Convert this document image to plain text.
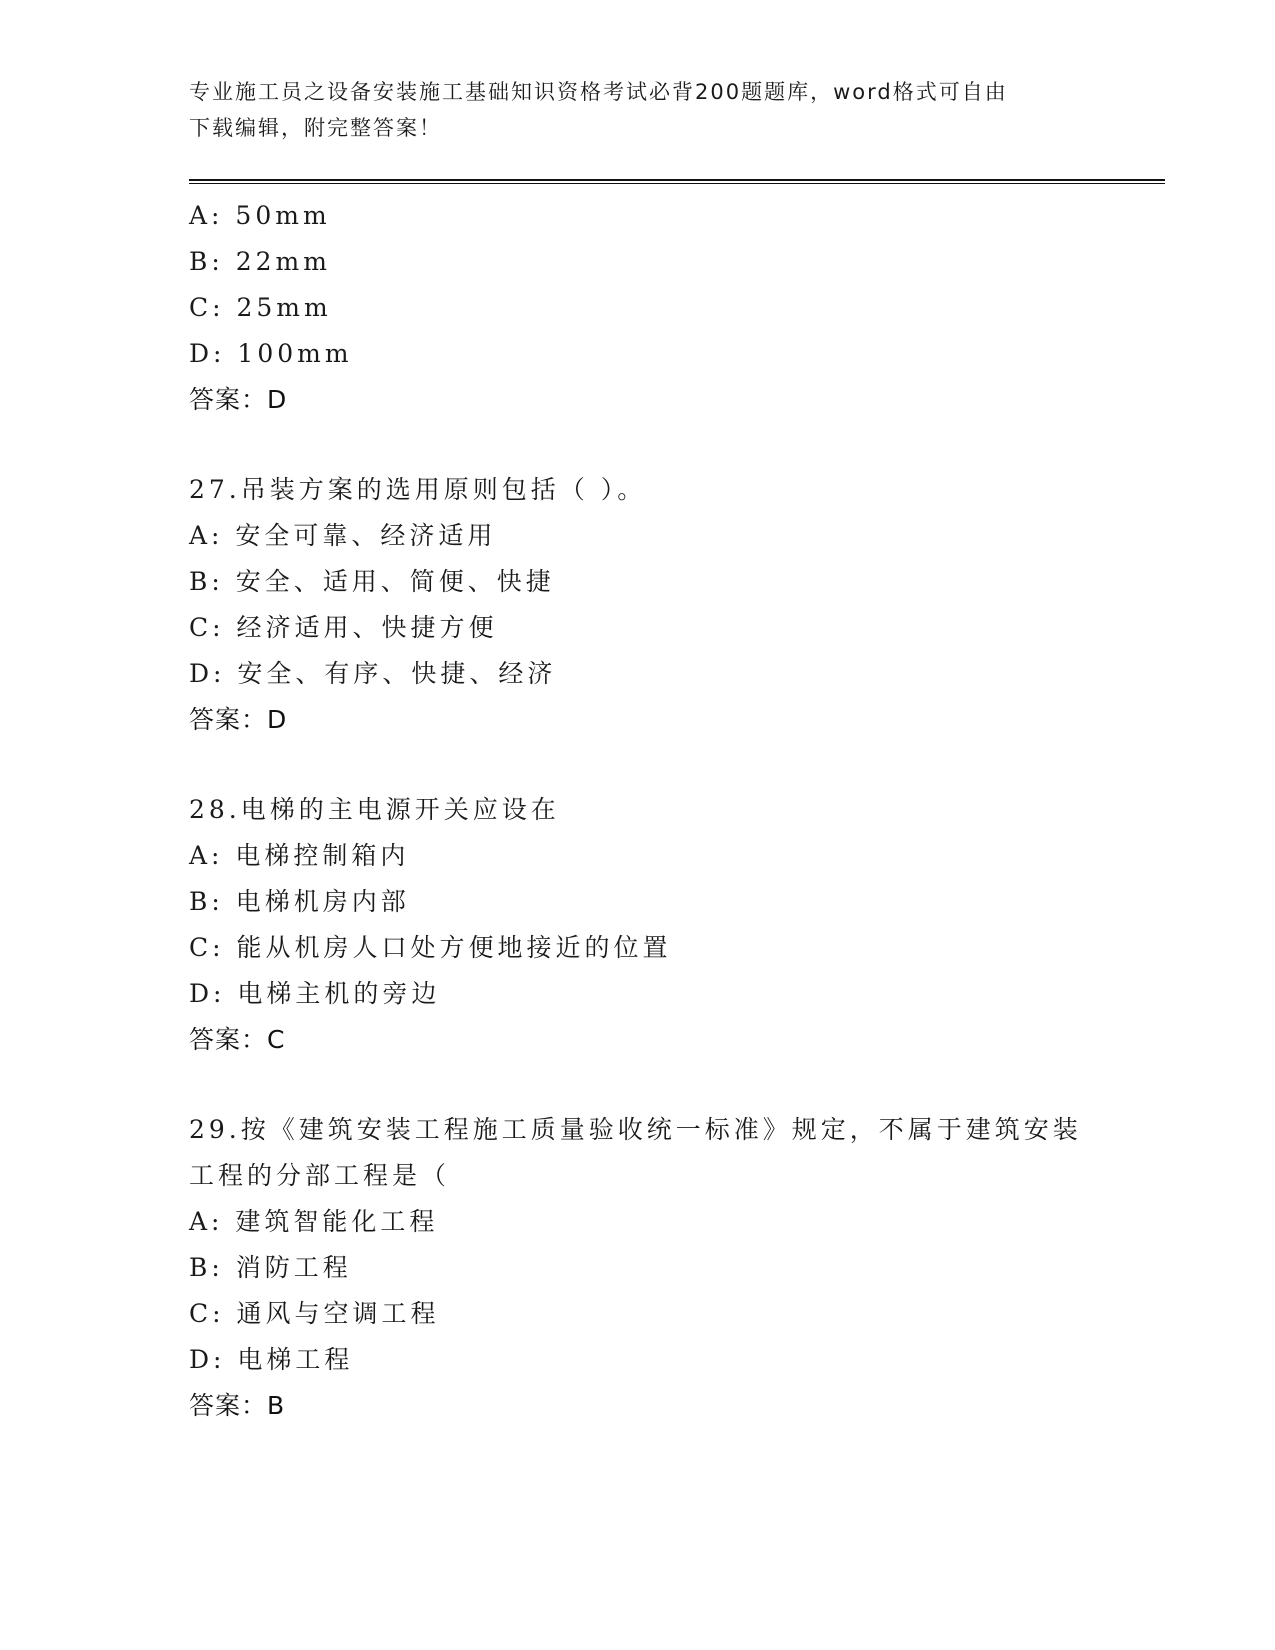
专业施工员之设备安装施工基础知识资格考试必背200题题库，word格式可自由
下载编辑，附完整答案！
A: 50mm
B: 22mm
C: 25mm
D: 100mm
答案：D
27.吊装方案的选用原则包括（ ）。
A: 安全可靠、经济适用
B: 安全、适用、简便、快捷
C: 经济适用、快捷方便
D: 安全、有序、快捷、经济
答案：D
28.电梯的主电源开关应设在
A: 电梯控制箱内
B: 电梯机房内部
C: 能从机房人口处方便地接近的位置
D: 电梯主机的旁边
答案：C
29.按《建筑安装工程施工质量验收统一标准》规定，不属于建筑安装
工程的分部工程是（
A: 建筑智能化工程
B: 消防工程
C: 通风与空调工程
D: 电梯工程
答案：B
